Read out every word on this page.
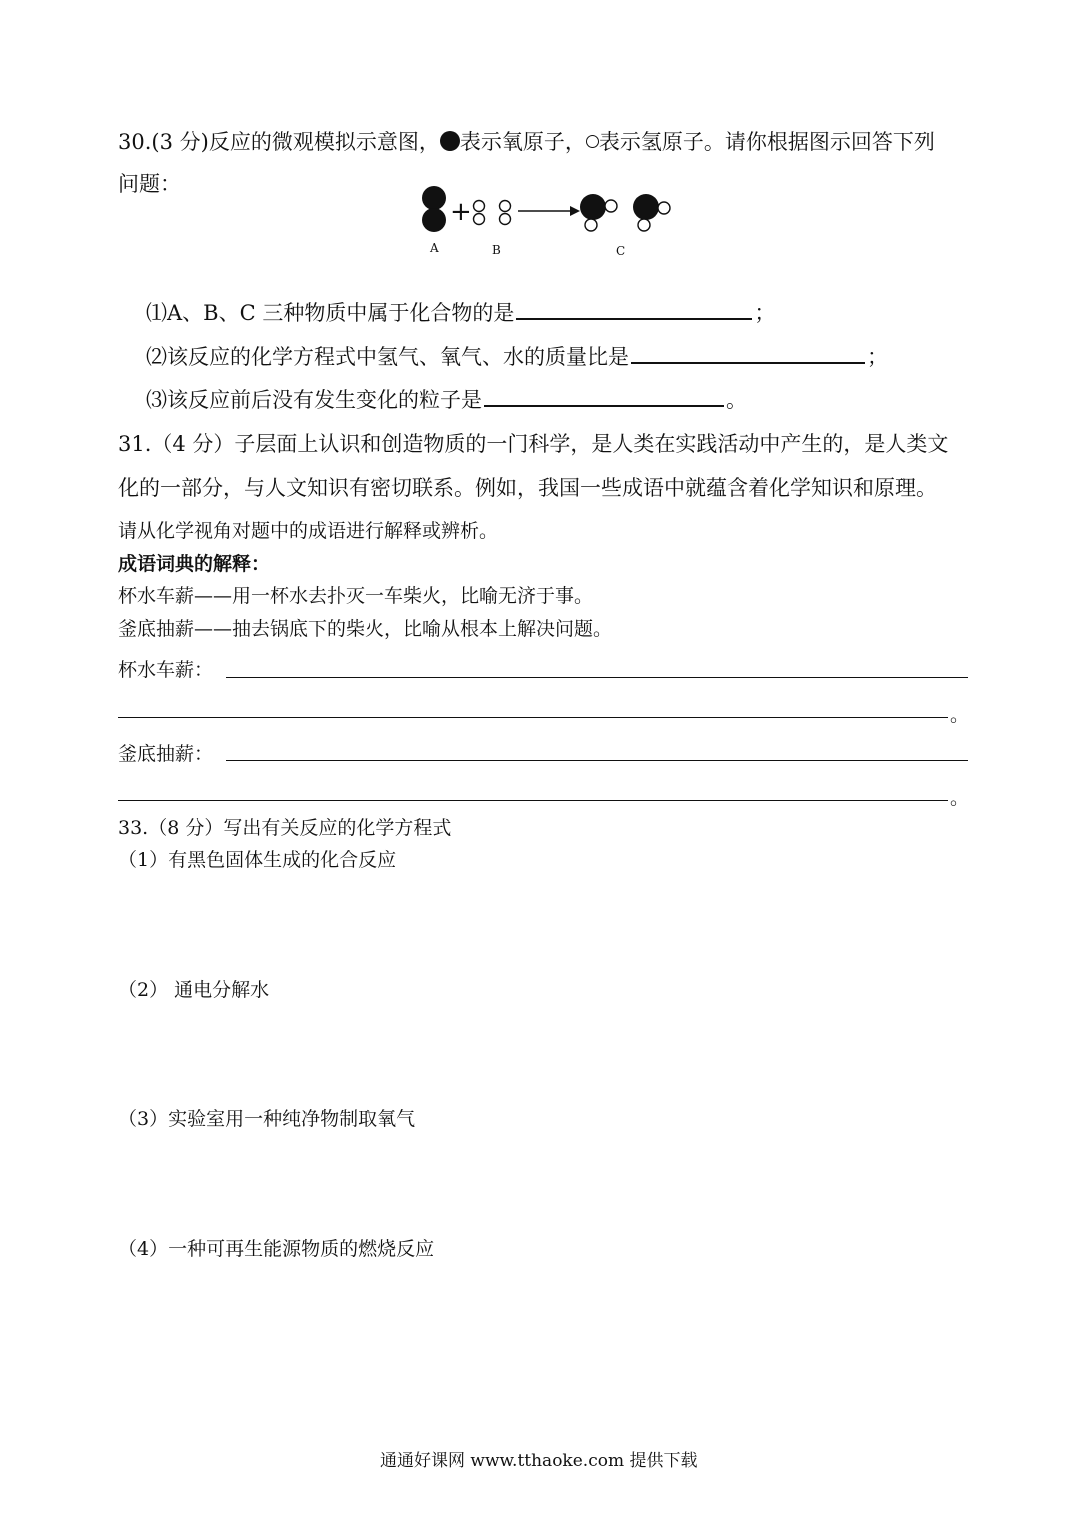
30.(3 分)反应的微观模拟示意图， 表示氧原子， 表示氢原子。请你根据图示回答下列
问题：
+
A	B	C
⑴A、B、C 三种物质中属于化合物的是	；
⑵该反应的化学方程式中氢气、氧气、水的质量比是	；
⑶该反应前后没有发生变化的粒子是	。
31.（4 分）子层面上认识和创造物质的一门科学，是人类在实践活动中产生的，是人类文
化的一部分，与人文知识有密切联系。例如，我国一些成语中就蕴含着化学知识和原理。
请从化学视角对题中的成语进行解释或辨析。
成语词典的解释：
杯水车薪——用一杯水去扑灭一车柴火，比喻无济于事。
釜底抽薪——抽去锅底下的柴火，比喻从根本上解决问题。
杯水车薪：
。
釜底抽薪：
。
33.（8 分）写出有关反应的化学方程式
（1）有黑色固体生成的化合反应
（2） 通电分解水
（3）实验室用一种纯净物制取氧气
（4）一种可再生能源物质的燃烧反应
通通好课网 www.tthaoke.com 提供下载
